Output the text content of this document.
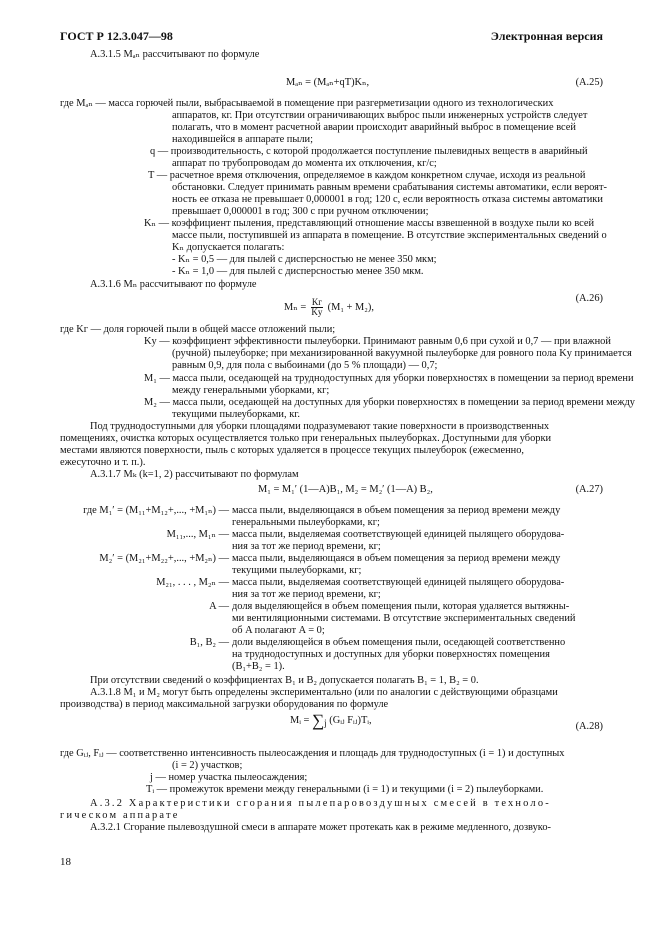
ГОСТ Р 12.3.047—98	Электронная версия
А.3.1.5 Mₐₙ рассчитывают по формуле
Mₐₙ = (Mₐₙ+qT)Kₙ,	(А.25)
где Mₐₙ — масса горючей пыли, выбрасываемой в помещение при разгерметизации одного из технологических
аппаратов, кг. При отсутствии ограничивающих выброс пыли инженерных устройств следует
полагать, что в момент расчетной аварии происходит аварийный выброс в помещение всей
находившейся в аппарате пыли;
q — производительность, с которой продолжается поступление пылевидных веществ в аварийный
аппарат по трубопроводам до момента их отключения, кг/с;
T — расчетное время отключения, определяемое в каждом конкретном случае, исходя из реальной
обстановки. Следует принимать равным времени срабатывания системы автоматики, если вероят-
ность ее отказа не превышает 0,000001 в год; 120 с, если вероятность отказа системы автоматики
превышает 0,000001 в год; 300 с при ручном отключении;
Kₙ — коэффициент пыления, представляющий отношение массы взвешенной в воздухе пыли ко всей
массе пыли, поступившей из аппарата в помещение. В отсутствие экспериментальных сведений о
Kₙ допускается полагать:
- Kₙ = 0,5 — для пылей с дисперсностью не менее 350 мкм;
- Kₙ = 1,0 — для пылей с дисперсностью менее 350 мкм.
А.3.1.6 Mₙ рассчитывают по формуле
$M_n = \frac{Kг}{Kу} (M_1 + M_2)$,
(А.26)
где Kг — доля горючей пыли в общей массе отложений пыли;
Kу — коэффициент эффективности пылеуборки. Принимают равным 0,6 при сухой и 0,7 — при влажной
(ручной) пылеуборке; при механизированной вакуумной пылеуборке для ровного пола Kу принимается
равным 0,9, для пола с выбоинами (до 5 % площади) — 0,7;
M₁ — масса пыли, оседающей на труднодоступных для уборки поверхностях в помещении за период времени
между генеральными уборками, кг;
M₂ — масса пыли, оседающей на доступных для уборки поверхностях в помещении за период времени между
текущими пылеуборками, кг.
Под труднодоступными для уборки площадями подразумевают такие поверхности в производственных
помещениях, очистка которых осуществляется только при генеральных пылеуборках. Доступными для уборки
местами являются поверхности, пыль с которых удаляется в процессе текущих пылеуборок (ежесменно,
ежесуточно и т. п.).
А.3.1.7 Mₖ (k=1, 2) рассчитывают по формулам
M₁ = M₁′ (1—A)B₁, M₂ = M₂′ (1—A) B₂,	(А.27)
где M₁′ = (M₁₁+M₁₂+,..., +M₁ₙ) — масса пыли, выделяющаяся в объем помещения за период времени между
генеральными пылеуборками, кг;
M₁₁,..., M₁ₙ — масса пыли, выделяемая соответствующей единицей пылящего оборудова-
ния за тот же период времени, кг;
M₂′ = (M₂₁+M₂₂+,..., +M₂ₙ) — масса пыли, выделяющаяся в объем помещения за период времени между
текущими пылеуборками, кг;
M₂₁, . . . , M₂ₙ — масса пыли, выделяемая соответствующей единицей пылящего оборудова-
ния за тот же период времени, кг;
A — доля выделяющейся в объем помещения пыли, которая удаляется вытяжны-
ми вентиляционными системами. В отсутствие экспериментальных сведений
об A полагают A = 0;
B₁, B₂ — доли выделяющейся в объем помещения пыли, оседающей соответственно
на труднодоступных и доступных для уборки поверхностях помещения
(B₁+B₂ = 1).
При отсутствии сведений о коэффициентах B₁ и B₂ допускается полагать B₁ = 1, B₂ = 0.
А.3.1.8 M₁ и M₂ могут быть определены экспериментально (или по аналогии с действующими образцами
производства) в период максимальной загрузки оборудования по формуле
Mᵢ = ∑j (Gᵢⱼ Fᵢⱼ)Tᵢ,
(А.28)
где Gᵢⱼ, Fᵢⱼ — соответственно интенсивность пылеосаждения и площадь для труднодоступных (i = 1) и доступных
(i = 2) участков;
j — номер участка пылеосаждения;
Tᵢ — промежуток времени между генеральными (i = 1) и текущими (i = 2) пылеуборками.
А.3.2 Характеристики сгорания пылепаровоздушных смесей в техноло-
гическом аппарате
А.3.2.1 Сгорание пылевоздушной смеси в аппарате может протекать как в режиме медленного, дозвуко-
18
